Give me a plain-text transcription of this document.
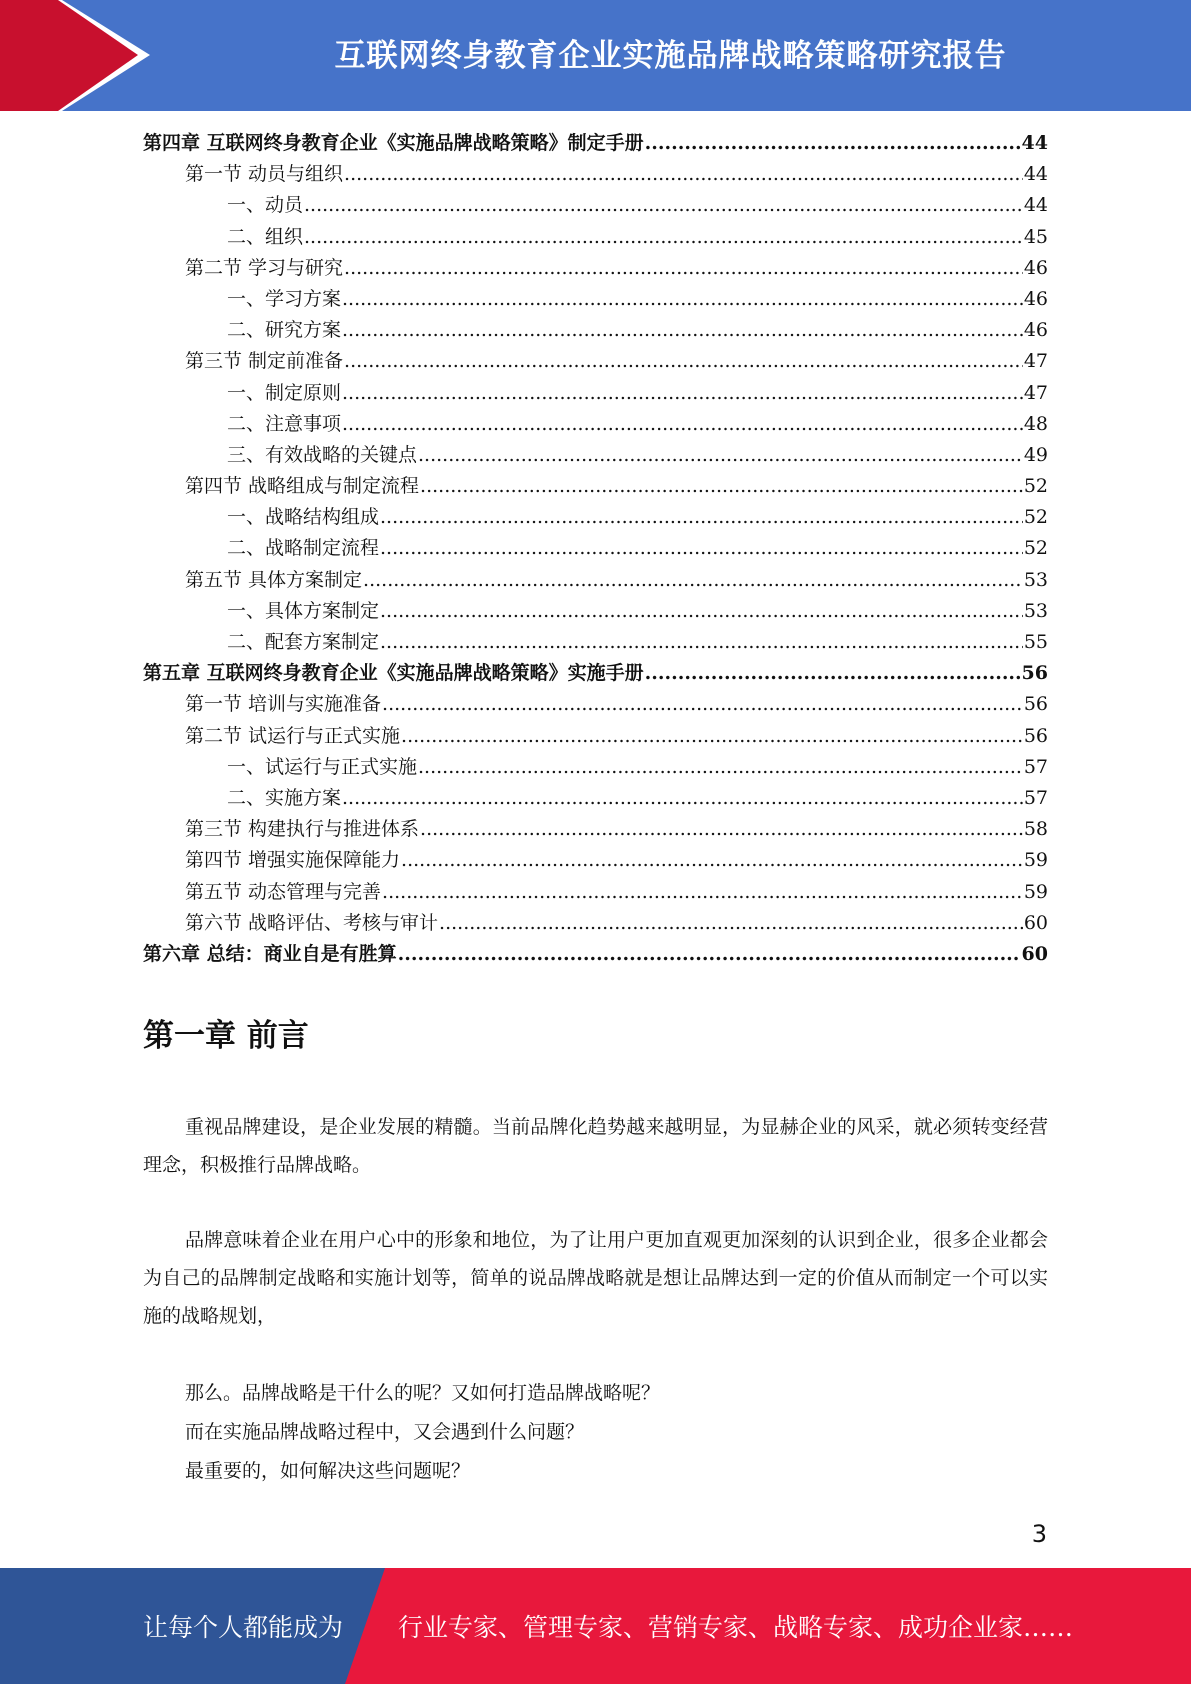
互联网终身教育企业实施品牌战略策略研究报告
第四章 互联网终身教育企业《实施品牌战略策略》制定手册 .....	44
第一节 动员与组织 .....	44
一、动员 .....	44
二、组织 .....	45
第二节 学习与研究 .....	46
一、学习方案 .....	46
二、研究方案 .....	46
第三节 制定前准备 .....	47
一、制定原则 .....	47
二、注意事项 .....	48
三、有效战略的关键点 .....	49
第四节 战略组成与制定流程 .....	52
一、战略结构组成 .....	52
二、战略制定流程 .....	52
第五节 具体方案制定 .....	53
一、具体方案制定 .....	53
二、配套方案制定 .....	55
第五章 互联网终身教育企业《实施品牌战略策略》实施手册 .....	56
第一节 培训与实施准备 .....	56
第二节 试运行与正式实施 .....	56
一、试运行与正式实施 .....	57
二、实施方案 .....	57
第三节 构建执行与推进体系 .....	58
第四节 增强实施保障能力 .....	59
第五节 动态管理与完善 .....	59
第六节 战略评估、考核与审计 .....	60
第六章 总结：商业自是有胜算 .....	60
第一章 前言

重视品牌建设，是企业发展的精髓。当前品牌化趋势越来越明显，为显赫企业的风采，就必须转变经营理念，积极推行品牌战略。

品牌意味着企业在用户心中的形象和地位，为了让用户更加直观更加深刻的认识到企业，很多企业都会为自己的品牌制定战略和实施计划等，简单的说品牌战略就是想让品牌达到一定的价值从而制定一个可以实施的战略规划，

那么。品牌战略是干什么的呢？又如何打造品牌战略呢？

而在实施品牌战略过程中，又会遇到什么问题？

最重要的，如何解决这些问题呢？

3
让每个人都能成为 行业专家、管理专家、营销专家、战略专家、成功企业家……
